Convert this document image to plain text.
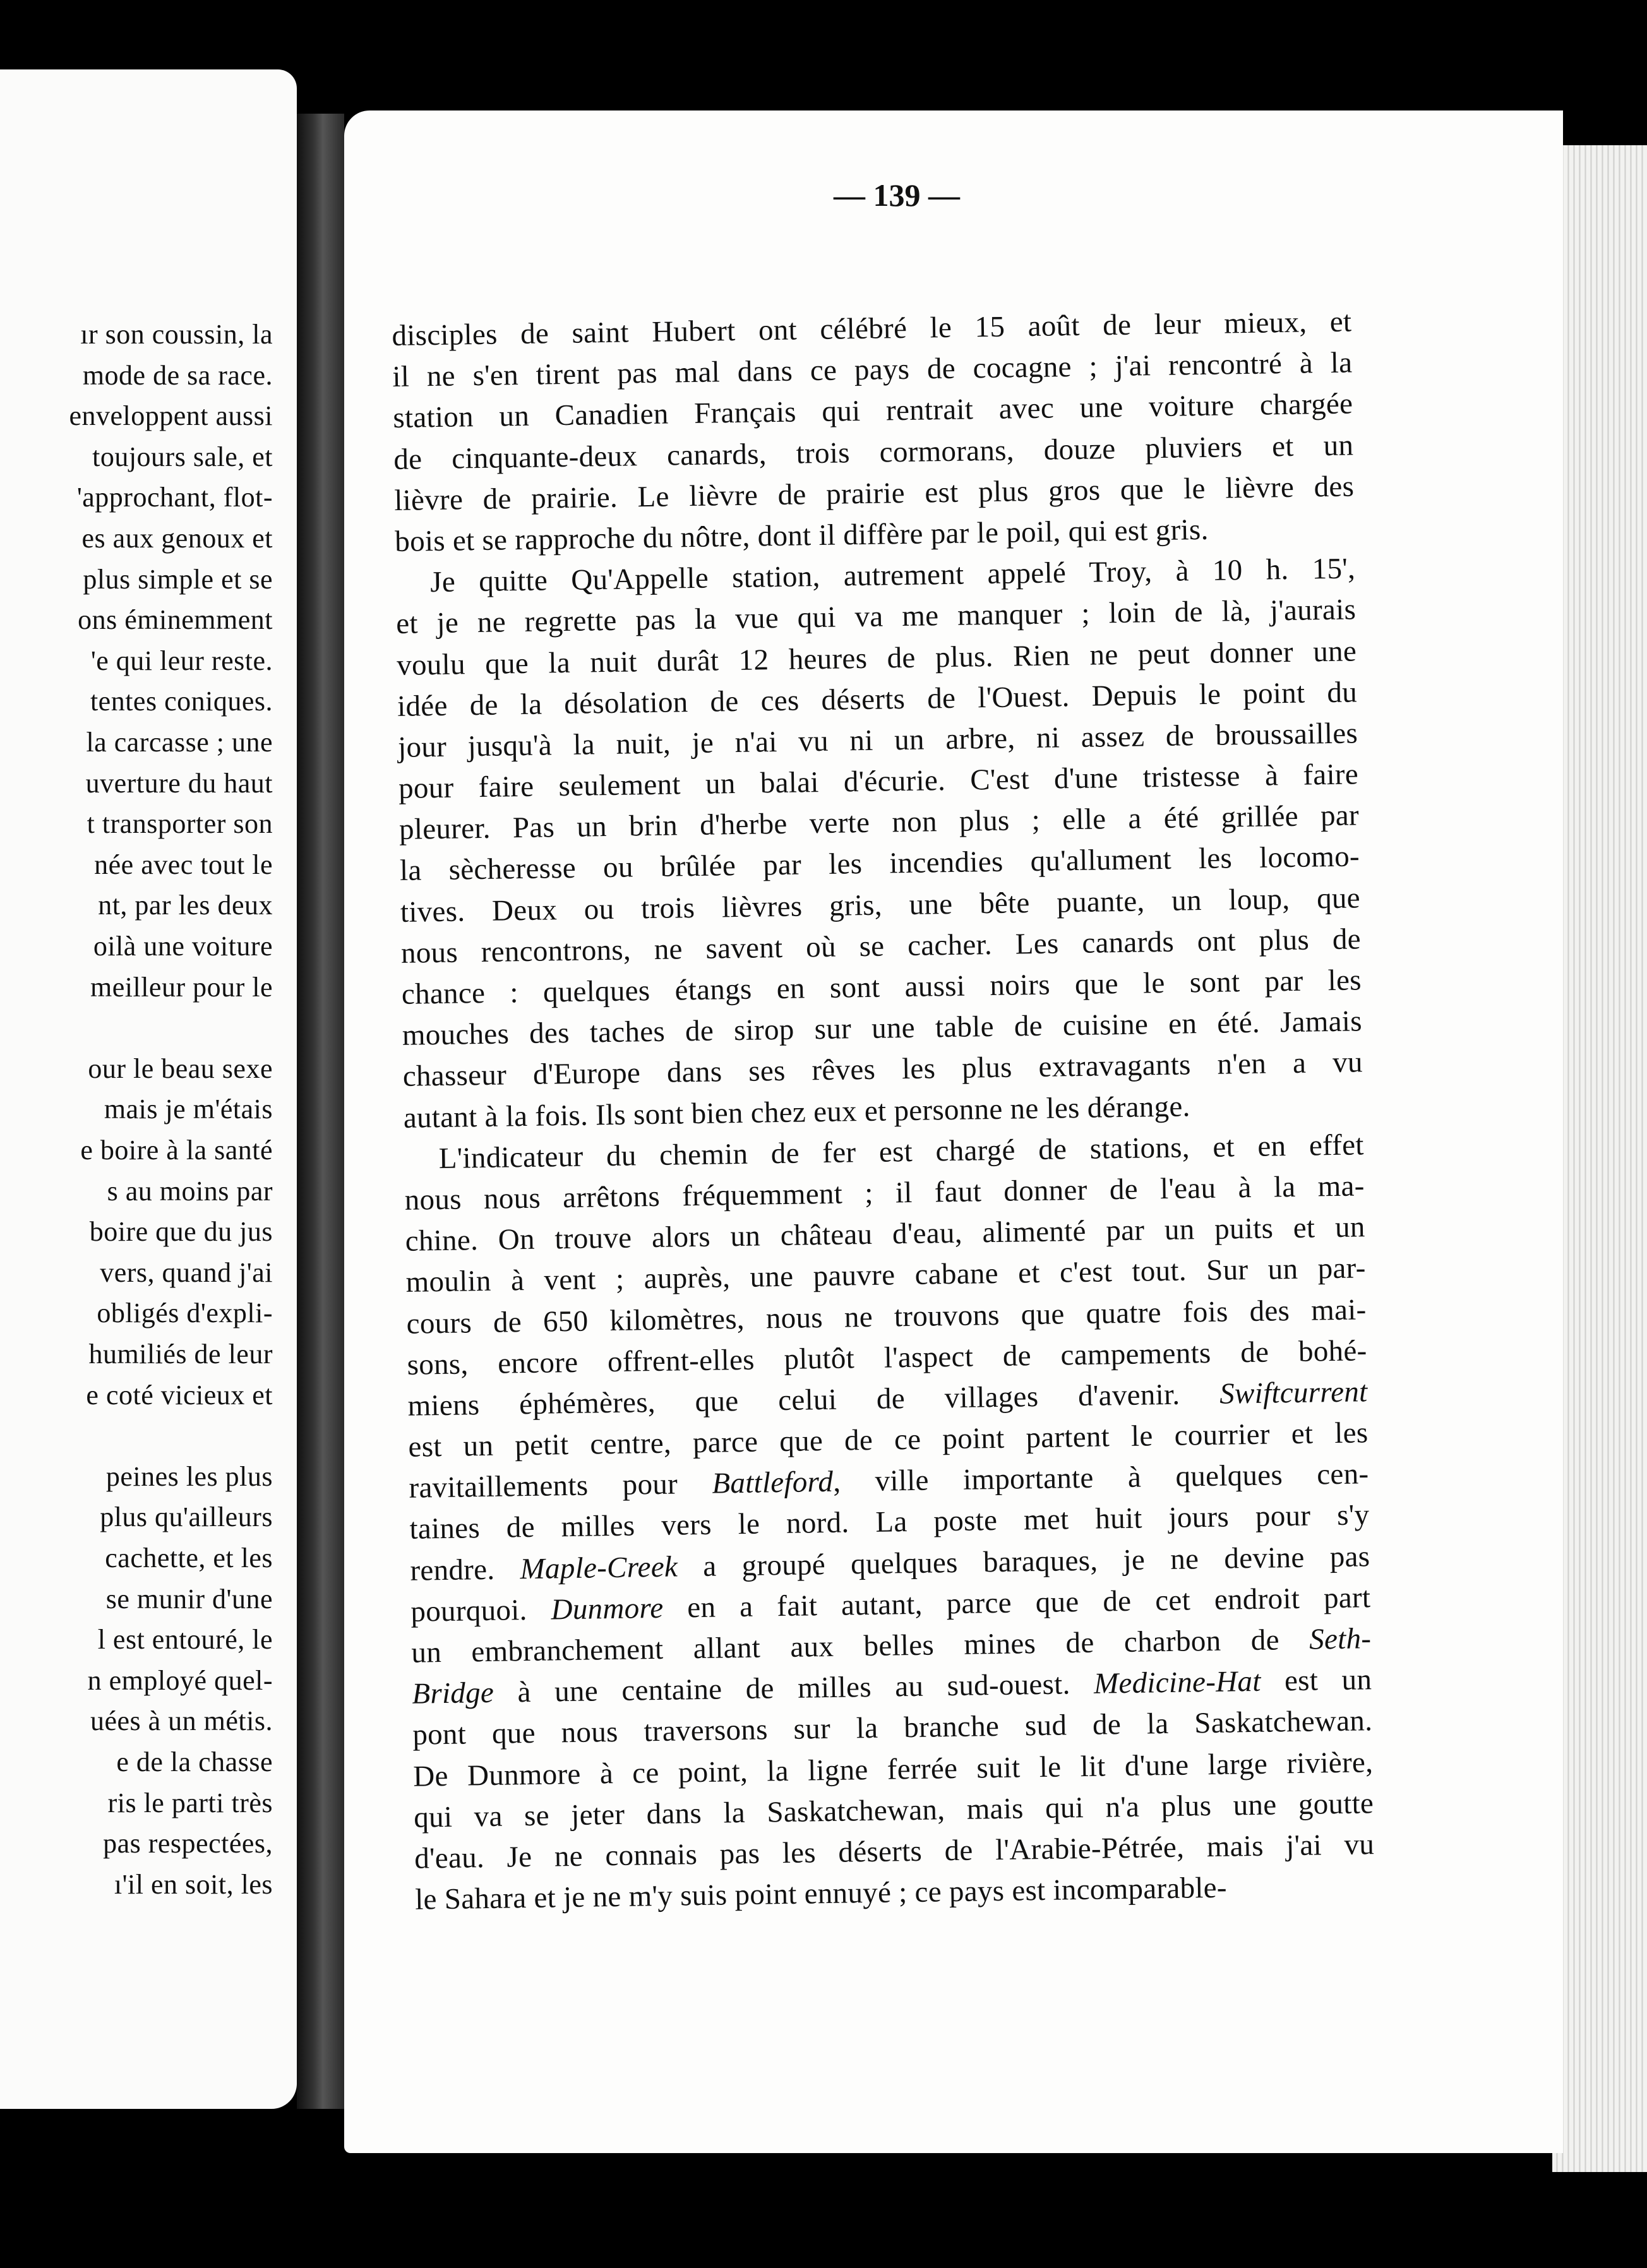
ır son coussin, la
mode de sa race.
enveloppent aussi
toujours sale, et
'approchant, flot-
es aux genoux et
plus simple et se
ons éminemment
'e qui leur reste.
tentes coniques.
la carcasse ; une
uverture du haut
t transporter son
née avec tout le
nt, par les deux
oilà une voiture
meilleur pour le
our le beau sexe
mais je m'étais
e boire à la santé
s au moins par
boire que du jus
vers, quand j'ai
obligés d'expli-
humiliés de leur
e coté vicieux et
peines les plus
plus qu'ailleurs
cachette, et les
se munir d'une
l est entouré, le
n employé quel-
uées à un métis.
e de la chasse
ris le parti très
pas respectées,
ı'il en soit, les
— 139 —
disciples de saint Hubert ont célébré le 15 août de leur mieux, et
il ne s'en tirent pas mal dans ce pays de cocagne ; j'ai rencontré à la
station un Canadien Français qui rentrait avec une voiture chargée
de cinquante-deux canards, trois cormorans, douze pluviers et un
lièvre de prairie. Le lièvre de prairie est plus gros que le lièvre des
bois et se rapproche du nôtre, dont il diffère par le poil, qui est gris.
Je quitte Qu'Appelle station, autrement appelé Troy, à 10 h. 15',
et je ne regrette pas la vue qui va me manquer ; loin de là, j'aurais
voulu que la nuit durât 12 heures de plus. Rien ne peut donner une
idée de la désolation de ces déserts de l'Ouest. Depuis le point du
jour jusqu'à la nuit, je n'ai vu ni un arbre, ni assez de broussailles
pour faire seulement un balai d'écurie. C'est d'une tristesse à faire
pleurer. Pas un brin d'herbe verte non plus ; elle a été grillée par
la sècheresse ou brûlée par les incendies qu'allument les locomo-
tives. Deux ou trois lièvres gris, une bête puante, un loup, que
nous rencontrons, ne savent où se cacher. Les canards ont plus de
chance : quelques étangs en sont aussi noirs que le sont par les
mouches des taches de sirop sur une table de cuisine en été. Jamais
chasseur d'Europe dans ses rêves les plus extravagants n'en a vu
autant à la fois. Ils sont bien chez eux et personne ne les dérange.
L'indicateur du chemin de fer est chargé de stations, et en effet
nous nous arrêtons fréquemment ; il faut donner de l'eau à la ma-
chine. On trouve alors un château d'eau, alimenté par un puits et un
moulin à vent ; auprès, une pauvre cabane et c'est tout. Sur un par-
cours de 650 kilomètres, nous ne trouvons que quatre fois des mai-
sons, encore offrent-elles plutôt l'aspect de campements de bohé-
miens éphémères, que celui de villages d'avenir. Swiftcurrent
est un petit centre, parce que de ce point partent le courrier et les
ravitaillements pour Battleford, ville importante à quelques cen-
taines de milles vers le nord. La poste met huit jours pour s'y
rendre. Maple-Creek a groupé quelques baraques, je ne devine pas
pourquoi. Dunmore en a fait autant, parce que de cet endroit part
un embranchement allant aux belles mines de charbon de Seth-
Bridge à une centaine de milles au sud-ouest. Medicine-Hat est un
pont que nous traversons sur la branche sud de la Saskatchewan.
De Dunmore à ce point, la ligne ferrée suit le lit d'une large rivière,
qui va se jeter dans la Saskatchewan, mais qui n'a plus une goutte
d'eau. Je ne connais pas les déserts de l'Arabie-Pétrée, mais j'ai vu
le Sahara et je ne m'y suis point ennuyé ; ce pays est incomparable-
